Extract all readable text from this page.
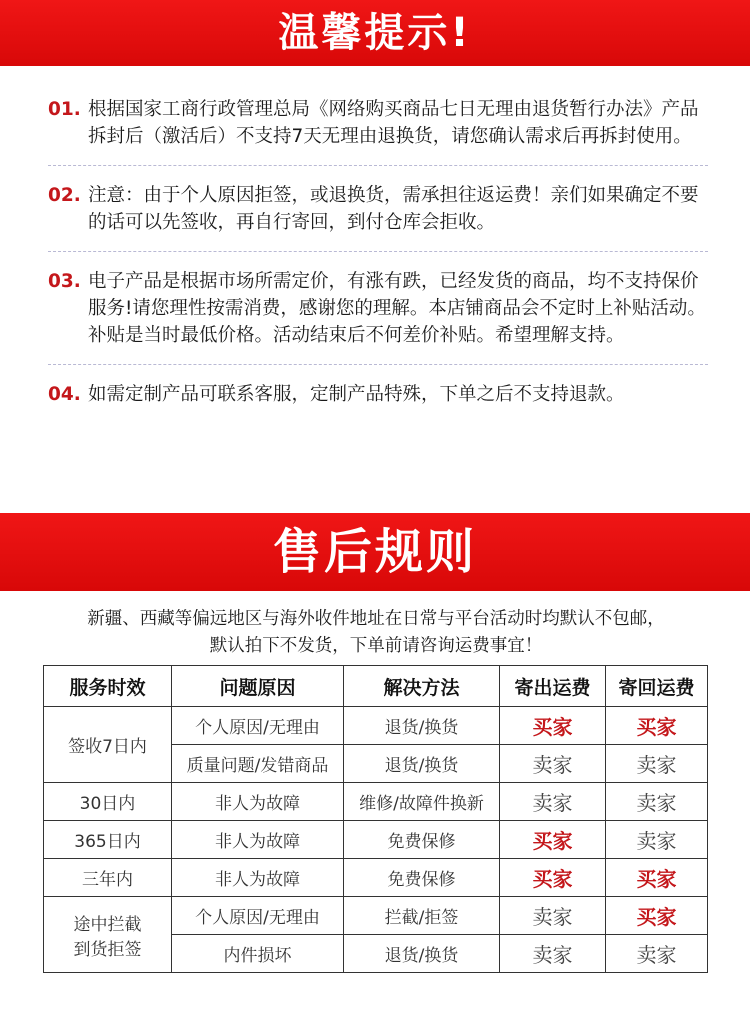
温馨提示!
01. 根据国家工商行政管理总局《网络购买商品七日无理由退货暂行办法》产品拆封后（激活后）不支持7天无理由退换货，请您确认需求后再拆封使用。
02. 注意：由于个人原因拒签，或退换货，需承担往返运费！亲们如果确定不要的话可以先签收，再自行寄回，到付仓库会拒收。
03. 电子产品是根据市场所需定价，有涨有跌，已经发货的商品，均不支持保价服务!请您理性按需消费，感谢您的理解。本店铺商品会不定时上补贴活动。补贴是当时最低价格。活动结束后不何差价补贴。希望理解支持。
04. 如需定制产品可联系客服，定制产品特殊，下单之后不支持退款。
售后规则
新疆、西藏等偏远地区与海外收件地址在日常与平台活动时均默认不包邮，
默认拍下不发货，下单前请咨询运费事宜！
服务时效	问题原因	解决方法	寄出运费	寄回运费
签收7日内	个人原因/无理由	退货/换货	买家	买家
	质量问题/发错商品	退货/换货	卖家	卖家
30日内	非人为故障	维修/故障件换新	卖家	卖家
365日内	非人为故障	免费保修	买家	卖家
三年内	非人为故障	免费保修	买家	买家

途中拦截
到货拒签	个人原因/无理由	拦截/拒签	卖家	买家
	内件损坏	退货/换货	卖家	卖家
